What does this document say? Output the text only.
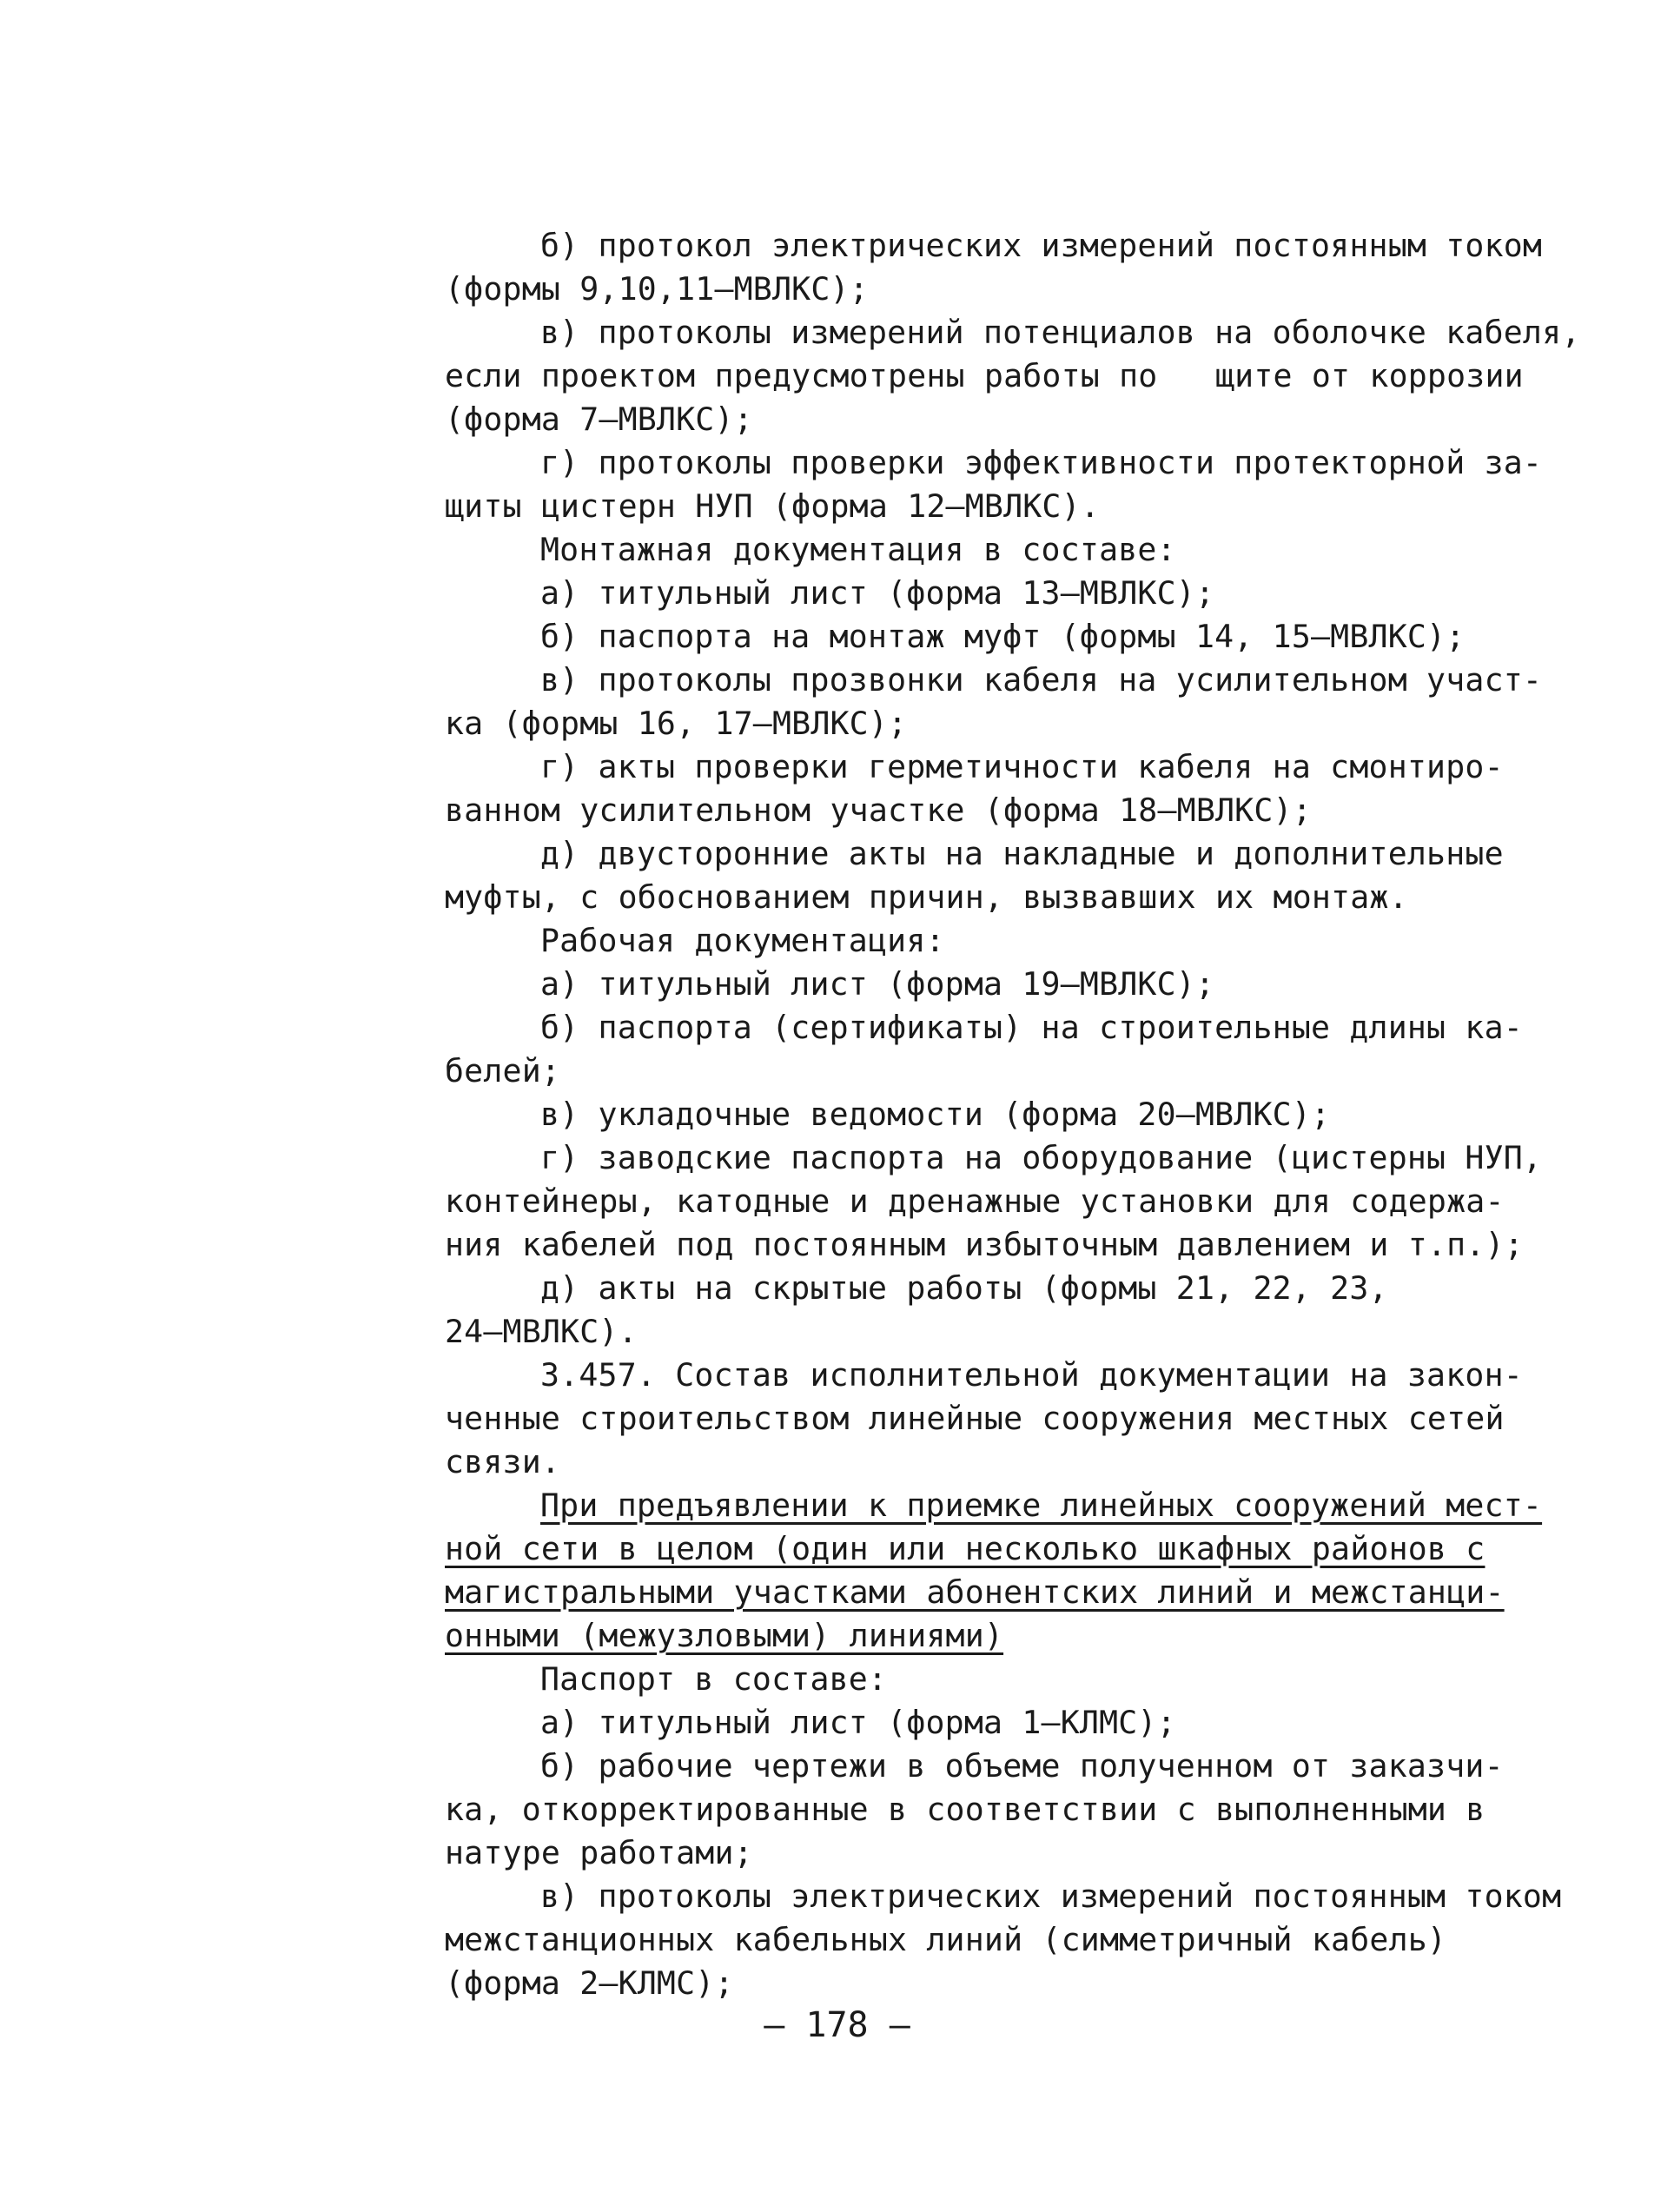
б) протокол электрических измерений постоянным током
(формы 9,10,11–МВЛКС);
в) протоколы измерений потенциалов на оболочке кабеля,
если проектом предусмотрены работы по   щите от коррозии
(форма 7–МВЛКС);
г) протоколы проверки эффективности протекторной за-
щиты цистерн НУП (форма 12–МВЛКС).
Монтажная документация в составе:
а) титульный лист (форма 13–МВЛКС);
б) паспорта на монтаж муфт (формы 14, 15–МВЛКС);
в) протоколы прозвонки кабеля на усилительном участ-
ка (формы 16, 17–МВЛКС);
г) акты проверки герметичности кабеля на смонтиро-
ванном усилительном участке (форма 18–МВЛКС);
д) двусторонние акты на накладные и дополнительные
муфты, с обоснованием причин, вызвавших их монтаж.
Рабочая документация:
а) титульный лист (форма 19–МВЛКС);
б) паспорта (сертификаты) на строительные длины ка-
белей;
в) укладочные ведомости (форма 20–МВЛКС);
г) заводские паспорта на оборудование (цистерны НУП,
контейнеры, катодные и дренажные установки для содержа-
ния кабелей под постоянным избыточным давлением и т.п.);
д) акты на скрытые работы (формы 21, 22, 23,
24–МВЛКС).
3.457. Состав исполнительной документации на закон-
ченные строительством линейные сооружения местных сетей
связи.
При предъявлении к приемке линейных сооружений мест-
ной сети в целом (один или несколько шкафных районов с
магистральными участками абонентских линий и межстанци-
онными (межузловыми) линиями)
Паспорт в составе:
а) титульный лист (форма 1–КЛМС);
б) рабочие чертежи в объеме полученном от заказчи-
ка, откорректированные в соответствии с выполненными в
натуре работами;
в) протоколы электрических измерений постоянным током
межстанционных кабельных линий (симметричный кабель)
(форма 2–КЛМС);
– 178 –
